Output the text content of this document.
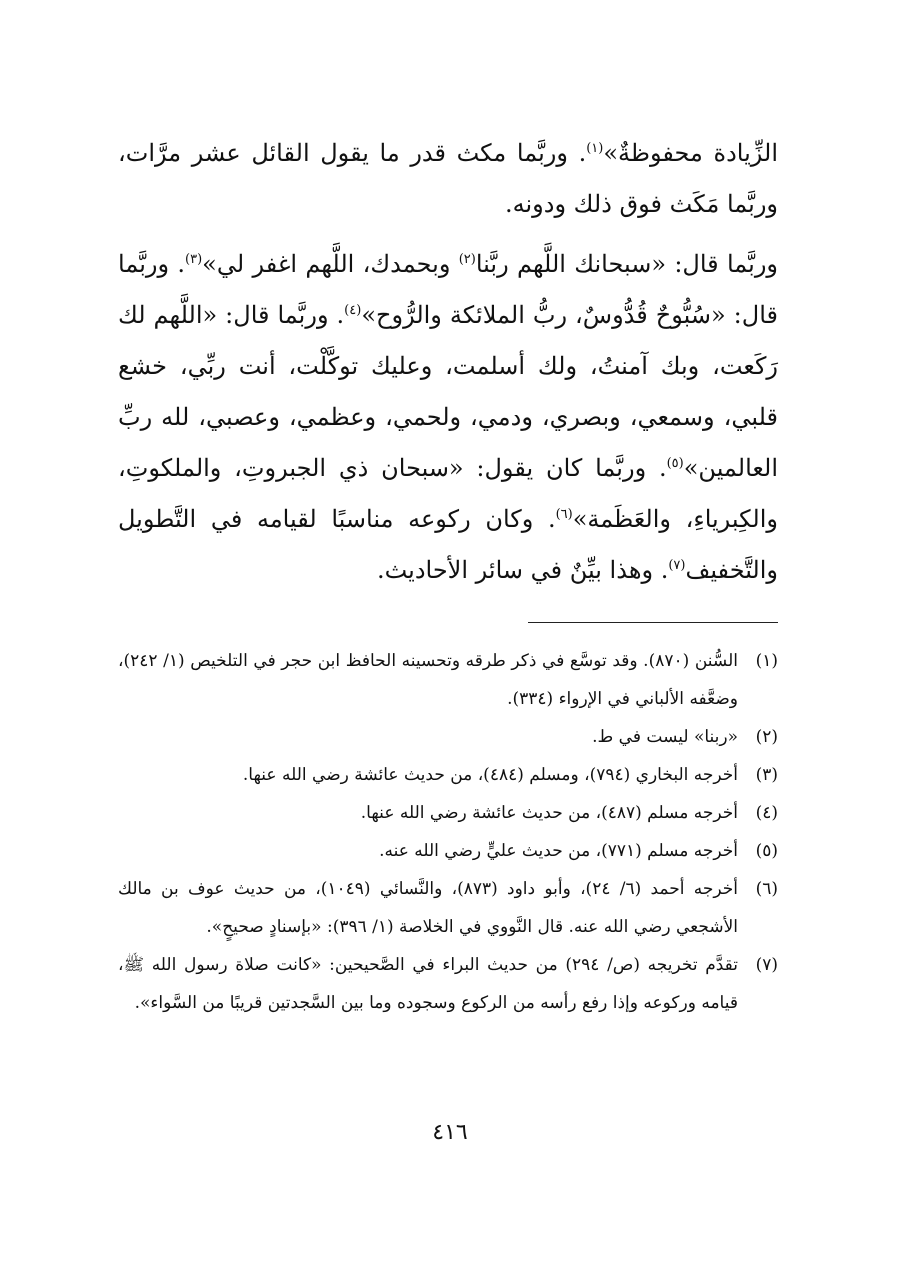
الزِّيادة محفوظةٌ»$^{(١)}$. وربَّما مكث قدر ما يقول القائل عشر مرَّات، وربَّما مَكَث فوق ذلك ودونه.

وربَّما قال: «سبحانك اللَّهم ربَّنا$^{(٢)}$ وبحمدك، اللَّهم اغفر لي»$^{(٣)}$. وربَّما قال: «سُبُّوحٌ قُدُّوسٌ، ربُّ الملائكة والرُّوح»$^{(٤)}$. وربَّما قال: «اللَّهم لك رَكَعت، وبك آمنتُ، ولك أسلمت، وعليك توكَّلْت، أنت ربِّي، خشع قلبي، وسمعي، وبصري، ودمي، ولحمي، وعظمي، وعصبي، لله ربِّ العالمين»$^{(٥)}$. وربَّما كان يقول: «سبحان ذي الجبروتِ، والملكوتِ، والكِبرياءِ، والعَظَمة»$^{(٦)}$. وكان ركوعه مناسبًا لقيامه في التَّطويل والتَّخفيف$^{(٧)}$. وهذا بيِّنٌ في سائر الأحاديث.

(١)
السُّنن (٨٧٠). وقد توسَّع في ذكر طرقه وتحسينه الحافظ ابن حجر في التلخيص (١/ ٢٤٢)، وضعَّفه الألباني في الإرواء (٣٣٤).
(٢)
«ربنا» ليست في ط.
(٣)
أخرجه البخاري (٧٩٤)، ومسلم (٤٨٤)، من حديث عائشة رضي الله عنها.
(٤)
أخرجه مسلم (٤٨٧)، من حديث عائشة رضي الله عنها.
(٥)
أخرجه مسلم (٧٧١)، من حديث عليٍّ رضي الله عنه.
(٦)
أخرجه أحمد (٦/ ٢٤)، وأبو داود (٨٧٣)، والنَّسائي (١٠٤٩)، من حديث عوف بن مالك الأشجعي رضي الله عنه. قال النَّووي في الخلاصة (١/ ٣٩٦): «بإسنادٍ صحيحٍ».
(٧)
تقدَّم تخريجه (ص/ ٢٩٤) من حديث البراء في الصَّحيحين: «كانت صلاة رسول الله ﷺ، قيامه وركوعه وإذا رفع رأسه من الركوع وسجوده وما بين السَّجدتين قريبًا من السَّواء».
٤١٦
